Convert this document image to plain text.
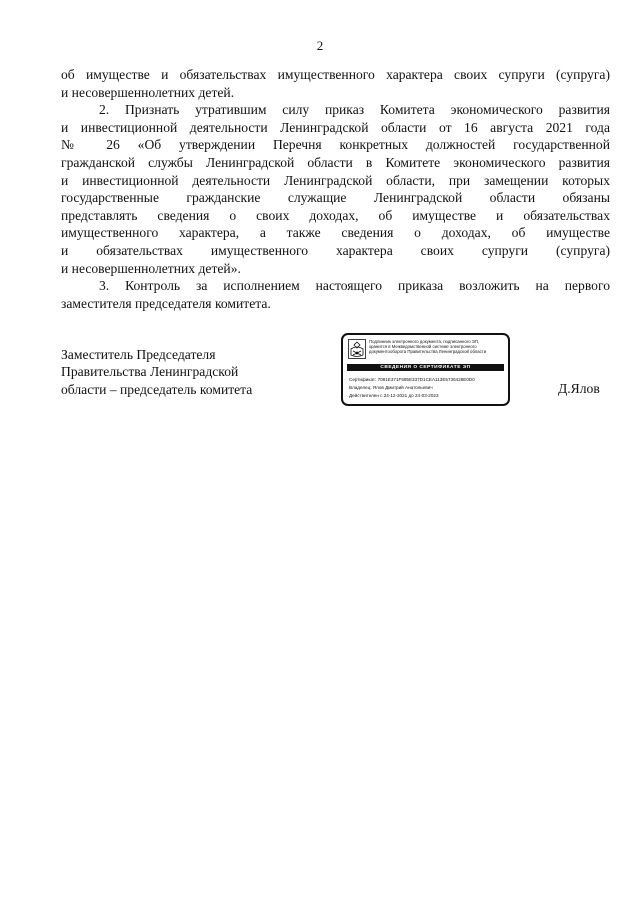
2
об имуществе и обязательствах имущественного характера своих супруги (супруга)
и несовершеннолетних детей.
2. Признать утратившим силу приказ Комитета экономического развития
и инвестиционной деятельности Ленинградской области от 16 августа 2021 года
№ 26 «Об утверждении Перечня конкретных должностей государственной
гражданской службы Ленинградской области в Комитете экономического развития
и инвестиционной деятельности Ленинградской области, при замещении которых
государственные гражданские служащие Ленинградской области обязаны
представлять сведения о своих доходах, об имуществе и обязательствах
имущественного характера, а также сведения о доходах, об имуществе
и обязательствах имущественного характера своих супруги (супруга)
и несовершеннолетних детей».
3. Контроль за исполнением настоящего приказа возложить на первого
заместителя председателя комитета.
Заместитель Председателя
Правительства Ленинградской
области – председатель комитета
Подлинник электронного документа, подписанного ЭП,
хранится в Межведомственной системе электронного
документооборота Правительства Ленинградской области
СВЕДЕНИЯ О СЕРТИФИКАТЕ ЭП
Сертификат: 7081E371F585E337D1CEA113E5736426E0D0
Владелец: Ялов Дмитрий Анатольевич
Действителен с 24-12-2021 до 24-03-2023	Д.Ялов
